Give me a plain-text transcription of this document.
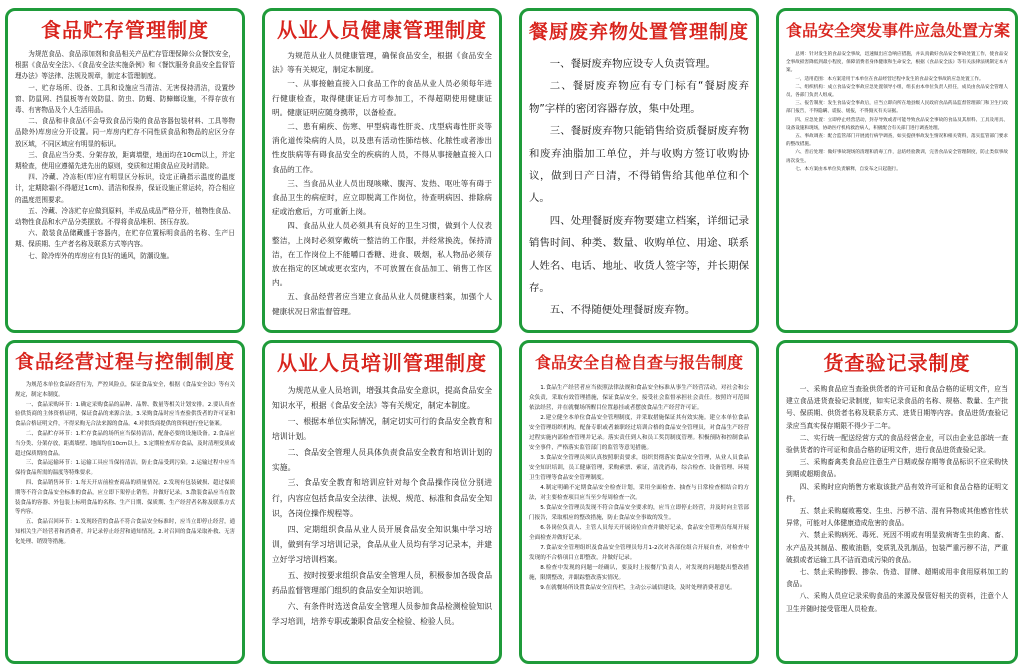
食品贮存管理制度

为规范食品、食品添加剂和食品相关产品贮存管理保障公众餐饮安全，根据《食品安全法》、《食品安全法实施条例》和《餐饮服务食品安全监督管理办法》等法律、法规及规章，制定本管理制度。

一、贮存场所、设备、工具和设施应当清洁、无害保持清洁，设置纱窗、防鼠网、挡鼠板等有效防鼠、防虫、防蝇、防蟑螂设施，不得存放有毒、有害物品及个人生活用品。

二、食品和非食品(不会导致食品污染的食品容器包装材料、工具等物品除外)库房应分开设置。同一库房内贮存不同性质食品和物品的应区分存放区域，不同区域应有明显的标识。

三、食品应当分类、分架存放，距离墙壁，地面均在10cm以上，并定期检查，使用应遵循先进先出的原则，变质和过期食品应及时清除。

四、冷藏、冷冻柜(库)应有明显区分标识，设定正确指示温度的温度计，定期除霜(不得超过1cm)、清洁和保养，保证设施正常运转，符合相应的温度范围要求。

五、冷藏、冷冻贮存应做到原料，半成品成品严格分开，植物性食品、动物性食品和水产品分类摆放。不得将食品堆积、挤压存放。

六、散装食品储藏盛于容器内，在贮存位置标明食品的名称、生产日期、保质期、生产者名称及联系方式等内容。

七、除冷库外的库房应有良好的通风，防潮设施。

从业人员健康管理制度

为规范从业人员健康管理，确保食品安全，根据《食品安全法》等有关规定，制定本制度。

一、从事接触直接入口食品工作的食品从业人员必须每年进行健康检查，取得健康证后方可参加工，不得超期使用健康证明。健康证明应随身携带，以备检查。

二、患有痢疾、伤寒、甲型病毒性肝炎、戊型病毒性肝炎等消化道传染病的人员，以及患有活动性肺结核、化脓性或者渗出性皮肤病等有碍食品安全的疾病的人员，不得从事接触直接入口食品的工作。

三、当食品从业人员出现咳嗽、腹泻、发热、呕吐等有碍于食品卫生的病症时，应立即脱离工作岗位，待查明病因、排除病症或治愈后，方可重新上岗。

四、食品从业人员必须具有良好的卫生习惯，做到个人仪表整洁，上岗时必须穿戴统一整洁的工作服，并经常换洗，保持清洁，在工作岗位上不能嚼口香糖、进食、吸烟，私人物品必须存放在指定的区域或更衣室内，不可放置在食品加工、销售工作区内。

五、食品经营者应当建立食品从业人员健康档案，加强个人健康状况日常监督管理。

餐厨废弃物处置管理制度

一、餐厨废弃物应设专人负责管理。

二、餐厨废弃物应有专门标有“餐厨废弃物”字样的密闭容器存放，集中处理。

三、餐厨废弃物只能销售给资质餐厨废弃物和废弃油脂加工单位，并与收购方签订收购协议，做到日产日清，不得销售给其他单位和个人。

四、处理餐厨废弃物要建立档案，详细记录销售时间、种类、数量、收购单位、用途、联系人姓名、电话、地址、收货人签字等，并长期保存。

五、不得随便处理餐厨废弃物。

食品安全突发事件应急处置方案

总则：针对发生的食品安全事故，迅速做出应急响应措施，并认真做好食品安全事故处置工作，使食品安全事故损害降低到最小程度，保障消费者身体健康和生命安全，根据《食品安全法》等有关法律法规制定本方案。

一、适用范围：本方案适用于本单位在食品经营过程中发生的食品安全事故的应急处置工作。

二、组织机构：成立食品安全事故应急处置领导小组，组长由本单位负责人担任，成员由食品安全管理人员、各部门负责人组成。

三、报告制度：发生食品安全事故后，应当立即向所在地县级人民政府食品药品监督管理部门和卫生行政部门报告，不得隐瞒、谎报、缓报，不得毁灭有关证据。

四、应急处置：立即停止经营活动，封存导致或者可能导致食品安全事故的食品及其原料、工具及用具、设备设施和现场，协助医疗机构救治病人，积极配合有关部门进行调查处理。

五、事故调查：配合监管部门开展流行病学调查，如实提供事故发生情况和相关资料，落实监管部门要求的整改措施。

六、善后处理：做好事故现场的清理和消毒工作，总结经验教训，完善食品安全管理制度，防止类似事故再次发生。

七、本方案由本单位负责解释，自发布之日起施行。

食品经营过程与控制制度

为规范本单位食品经营行为，严控风险点，保证食品安全，根据《食品安全法》等有关规定，制定本制度。

一、食品采购环节：1.确定采购食品的品种、品牌、数量等相关计划安排。2.要认真查验供货商的主体资格证明，保证食品的来源合法。3.采购食品时应当查验供货者的许可证和食品合格证明文件，不得采购无合法来源的食品。4.对供货商提供的资料进行登记备案。

二、食品贮存环节：1.贮存食品的场所应当保持清洁，配备必要的设施设备。2.食品应当分类、分架存放，距离墙壁、地面均在10cm以上。3.定期检查库存食品，及时清理变质或超过保质期的食品。

三、食品运输环节：1.运输工具应当保持清洁，防止食品受到污染。2.运输过程中应当保持食品所需的温度等特殊要求。

四、食品销售环节：1.每天开店前检查商品的质量情况。2.发现有包装破损、超过保质期等不符合食品安全标准的食品，应立即下架停止销售，并做好记录。3.散装食品应当在散装食品的容器、外包装上标明食品的名称、生产日期、保质期、生产经营者名称及联系方式等内容。

五、食品召回环节：1.发现经营的食品不符合食品安全标准时，应当立即停止经营，通知相关生产经营者和消费者，并记录停止经营和通知情况。2.对召回的食品采取补救、无害化处理、销毁等措施。

从业人员培训管理制度

为规范从业人员培训，增强其食品安全意识，提高食品安全知识水平，根据《食品安全法》等有关规定，制定本制度。

一、根据本单位实际情况，制定切实可行的食品安全教育和培训计划。

二、食品安全管理人员具体负责食品安全教育和培训计划的实施。

三、食品安全教育和培训应针对每个食品操作岗位分别进行，内容应包括食品安全法律、法规、规范、标准和食品安全知识，各岗位操作规程等。

四、定期组织食品从业人员开展食品安全知识集中学习培训，做到有学习培训记录，食品从业人员均有学习记录本，并建立好学习培训档案。

五、按时按要求组织食品安全管理人员，积极参加各级食品药品监督管理部门组织的食品安全知识培训。

六、有条件时选送食品安全管理人员参加食品检测检验知识学习培训，培养专职或兼职食品安全检验、检验人员。

食品安全自检自查与报告制度

1.食品生产经营者应当依照法律法规和食品安全标准从事生产经营活动，对社会和公众负责，采取有效管理措施，保证食品安全，接受社会监督承担社会责任。按照许可范围依法经营，并在就餐场所醒目位置悬挂或者摆放食品生产经营许可证。

2.建立健全本单位食品安全管理制度，并采取措施保证其有效实施。建立本单位食品安全管理组织机构，配备专职或者兼职经过培训合格的食品安全管理员，对食品生产经营过程实施内部检查管理并记录。落实责任到人和员工奖罚制度管理。积极预防和控制食品安全事件，严格落实监管部门的监管等意见措施。

3.食品安全管理员须认真按照职责要求，组织贯彻落实食品安全管理，从业人员食品安全知识培训，员工健康管理，采购索票、索证，清洗消毒，综合检查、设备管理、环境卫生管理等食品安全管理制度。

4.制定明确不定期食品安全检查计划，采用全面检查、抽查与日常检查相结合的方法，对主要检查项目应当至少每周检查一次。

5.食品安全管理员发现不符合食品安全要求的，应当立即停止经营，并及时向主管部门报告，采取相应的整改措施，防止食品安全事故的发生。

6.各岗位负责人、主管人员每天开展岗位自查并做好记录，食品安全管理员每周开展全面检查并做好记录。

7.食品安全管理组织及食品安全管理员每月1-2次对各部位组合开展自查，对检查中发现的不合格项目立即整改，并做好记录。

8.检查中发现的问题一经确认，要及时上报餐厅负责人，对发现的问题提出整改措施，限期整改，并跟踪整改落实情况。

9.在就餐场所设置食品安全宣传栏，主动公示诚信建设，及时处理消费者意见。

货查验记录制度

一、采购食品应当查验供货者的许可证和食品合格的证明文件，应当建立食品进货查验记录制度，如实记录食品的名称、规格、数量、生产批号、保质期、供货者名称及联系方式、进货日期等内容。食品进货/查验记录应当真实保存期限不得少于二年。

二、实行统一配送经营方式的食品经营企业，可以由企业总部统一查验供货者的许可证和食品合格的证明文件，进行食品进货查验记录。

三、采购畜禽类食品应注意生产日期或保存期等食品标识不应采购快到期或超期食品。

四、采购时应向销售方索取该批产品有效许可证和食品合格的证明文件。

五、禁止采购腐败霉变、生虫、污秽不洁、混有异物或其他感官性状异常，可能对人体健康造成危害的食品。

六、禁止采购病死、毒死、死因不明或有明显致病寄生虫的禽、畜、水产品及其制品、酸败油脂，变质乳及乳制品，包装严重污秽不洁，严重破损或者运输工具不洁而造成污染的食品。

七、禁止采购掺假、掺杂、伪造、冒牌、超期或用非食用原料加工的食品。

八、采购人员应记录采购食品的来源及保管好相关的资料，注意个人卫生并随时接受管理人员检查。
